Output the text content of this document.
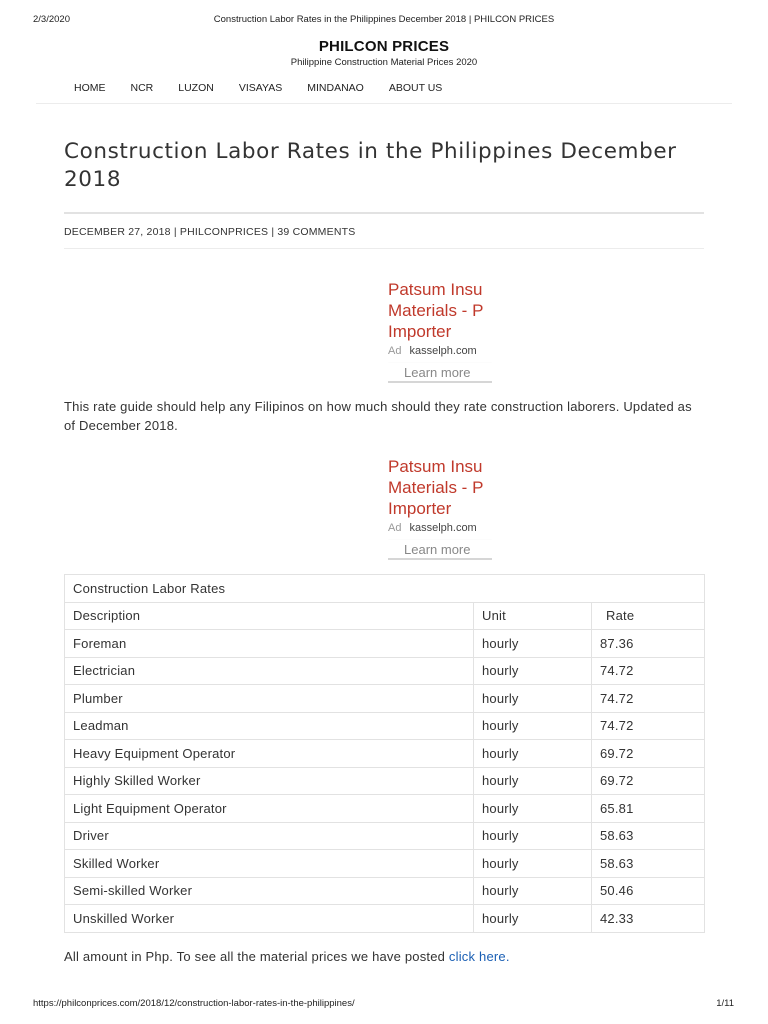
2/3/2020	Construction Labor Rates in the Philippines December 2018 | PHILCON PRICES
PHILCON PRICES
Philippine Construction Material Prices 2020
HOME NCR LUZON VISAYAS MINDANAO ABOUT US
Construction Labor Rates in the Philippines December 2018
DECEMBER 27, 2018 | PHILCONPRICES | 39 COMMENTS
Patsum Insu
Materials - P
Importer
Ad kasselph.com
Learn more
This rate guide should help any Filipinos on how much should they rate construction laborers. Updated as of December 2018.
Patsum Insu
Materials - P
Importer
Ad kasselph.com
Learn more
Construction Labor Rates		
Description	Unit	Rate
Foreman	hourly	87.36
Electrician	hourly	74.72
Plumber	hourly	74.72
Leadman	hourly	74.72
Heavy Equipment Operator	hourly	69.72
Highly Skilled Worker	hourly	69.72
Light Equipment Operator	hourly	65.81
Driver	hourly	58.63
Skilled Worker	hourly	58.63
Semi-skilled Worker	hourly	50.46
Unskilled Worker	hourly	42.33
All amount in Php. To see all the material prices we have posted click here.
https://philconprices.com/2018/12/construction-labor-rates-in-the-philippines/	1/11
